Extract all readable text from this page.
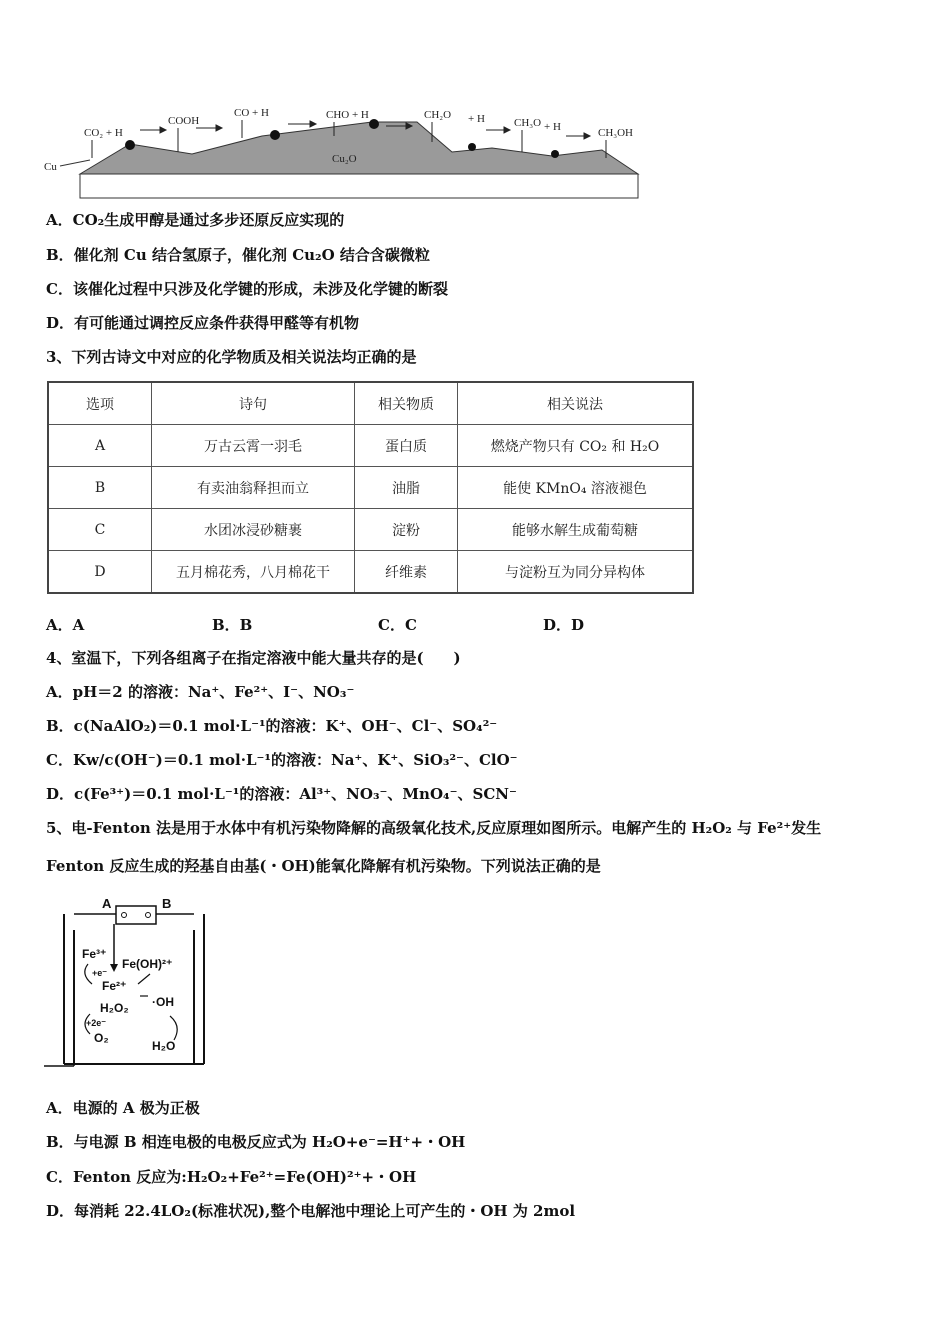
Cu
Cu₂O
CO₂ + H
COOH
CO + H	CHO + H	CH₂O + H	CH₃O + H	CH₃OH
A．CO₂生成甲醇是通过多步还原反应实现的
B．催化剂 Cu 结合氢原子，催化剂 Cu₂O 结合含碳微粒
C．该催化过程中只涉及化学键的形成，未涉及化学键的断裂
D．有可能通过调控反应条件获得甲醛等有机物
3、下列古诗文中对应的化学物质及相关说法均正确的是
选项	诗句	相关物质	相关说法
A	万古云霄一羽毛	蛋白质	燃烧产物只有 CO₂ 和 H₂O
B	有卖油翁释担而立	油脂	能使 KMnO₄ 溶液褪色
C	水团冰浸砂糖裹	淀粉	能够水解生成葡萄糖
D	五月棉花秀，八月棉花干	纤维素	与淀粉互为同分异构体
A．A	B．B	C．C	D．D
4、室温下，下列各组离子在指定溶液中能大量共存的是(　　)
A．pH＝2 的溶液：Na⁺、Fe²⁺、I⁻、NO₃⁻
B．c(NaAlO₂)＝0.1 mol·L⁻¹的溶液：K⁺、OH⁻、Cl⁻、SO₄²⁻
C．Kw/c(OH⁻)＝0.1 mol·L⁻¹的溶液：Na⁺、K⁺、SiO₃²⁻、ClO⁻
D．c(Fe³⁺)＝0.1 mol·L⁻¹的溶液：Al³⁺、NO₃⁻、MnO₄⁻、SCN⁻
5、电-Fenton 法是用于水体中有机污染物降解的高级氧化技术,反应原理如图所示。电解产生的 H₂O₂ 与 Fe²⁺发生
Fenton 反应生成的羟基自由基(・OH)能氧化降解有机污染物。下列说法正确的是
A	B
Fe³⁺
+e⁻
Fe²⁺
Fe(OH)²⁺
H₂O₂ ·OH
+2e⁻
O₂
H₂O
A．电源的 A 极为正极
B．与电源 B 相连电极的电极反应式为 H₂O+e⁻=H⁺+・OH
C．Fenton 反应为:H₂O₂+Fe²⁺=Fe(OH)²⁺+・OH
D．每消耗 22.4LO₂(标准状况),整个电解池中理论上可产生的・OH 为 2mol
